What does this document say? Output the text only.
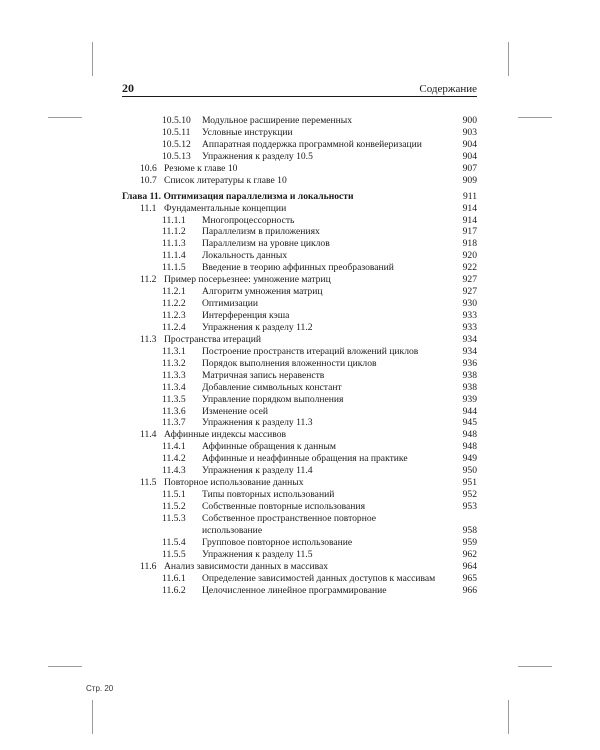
20	Содержание
10.5.10 Модульное расширение переменных	900
10.5.11 Условные инструкции	903
10.5.12 Аппаратная поддержка программной конвейеризации	904
10.5.13 Упражнения к разделу 10.5	904
10.6 Резюме к главе 10	907
10.7 Список литературы к главе 10	909
Глава 11. Оптимизация параллелизма и локальности	911
11.1 Фундаментальные концепции	914
11.1.1 Многопроцессорность	914
11.1.2 Параллелизм в приложениях	917
11.1.3 Параллелизм на уровне циклов	918
11.1.4 Локальность данных	920
11.1.5 Введение в теорию аффинных преобразований	922
11.2 Пример посерьезнее: умножение матриц	927
11.2.1 Алгоритм умножения матриц	927
11.2.2 Оптимизации	930
11.2.3 Интерференция кэша	933
11.2.4 Упражнения к разделу 11.2	933
11.3 Пространства итераций	934
11.3.1 Построение пространств итераций вложений циклов	934
11.3.2 Порядок выполнения вложенности циклов	936
11.3.3 Матричная запись неравенств	938
11.3.4 Добавление символьных констант	938
11.3.5 Управление порядком выполнения	939
11.3.6 Изменение осей	944
11.3.7 Упражнения к разделу 11.3	945
11.4 Аффинные индексы массивов	948
11.4.1 Аффинные обращения к данным	948
11.4.2 Аффинные и неаффинные обращения на практике	949
11.4.3 Упражнения к разделу 11.4	950
11.5 Повторное использование данных	951
11.5.1 Типы повторных использований	952
11.5.2 Собственные повторные использования	953
11.5.3 Собственное пространственное повторное
использование	958
11.5.4 Групповое повторное использование	959
11.5.5 Упражнения к разделу 11.5	962
11.6 Анализ зависимости данных в массивах	964
11.6.1 Определение зависимостей данных доступов к массивам	965
11.6.2 Целочисленное линейное программирование	966
Стр. 20
